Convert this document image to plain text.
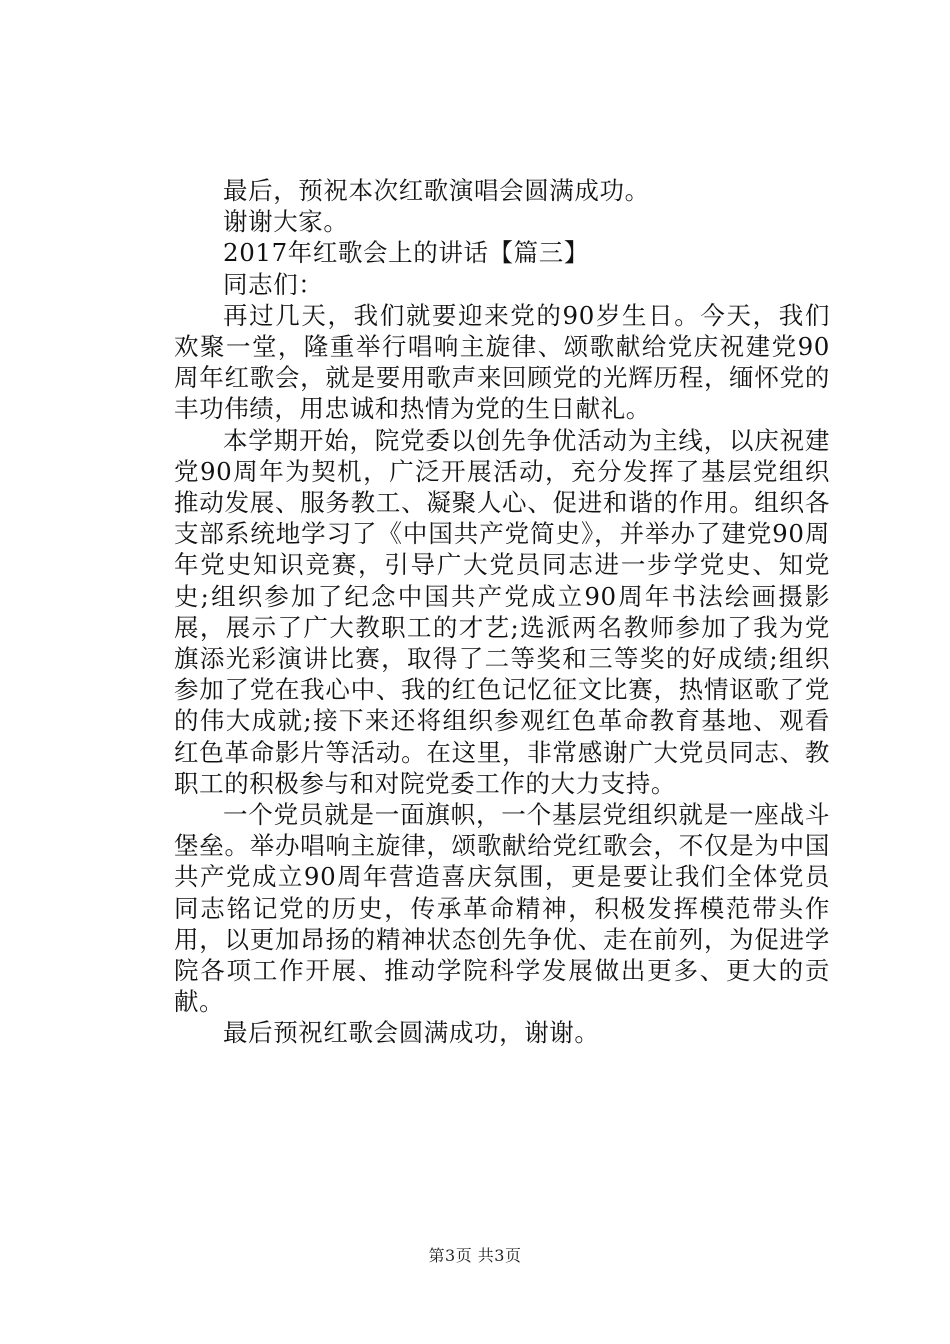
最后，预祝本次红歌演唱会圆满成功。

谢谢大家。

2017年红歌会上的讲话【篇三】

同志们：

再过几天，我们就要迎来党的90岁生日。今天，我们欢聚一堂，隆重举行唱响主旋律、颂歌献给党庆祝建党90周年红歌会，就是要用歌声来回顾党的光辉历程，缅怀党的丰功伟绩，用忠诚和热情为党的生日献礼。

本学期开始，院党委以创先争优活动为主线，以庆祝建党90周年为契机，广泛开展活动，充分发挥了基层党组织推动发展、服务教工、凝聚人心、促进和谐的作用。组织各支部系统地学习了《中国共产党简史》，并举办了建党90周年党史知识竞赛，引导广大党员同志进一步学党史、知党史;组织参加了纪念中国共产党成立90周年书法绘画摄影展，展示了广大教职工的才艺;选派两名教师参加了我为党旗添光彩演讲比赛，取得了二等奖和三等奖的好成绩;组织参加了党在我心中、我的红色记忆征文比赛，热情讴歌了党的伟大成就;接下来还将组织参观红色革命教育基地、观看红色革命影片等活动。在这里，非常感谢广大党员同志、教职工的积极参与和对院党委工作的大力支持。

一个党员就是一面旗帜，一个基层党组织就是一座战斗堡垒。举办唱响主旋律，颂歌献给党红歌会，不仅是为中国共产党成立90周年营造喜庆氛围，更是要让我们全体党员同志铭记党的历史，传承革命精神，积极发挥模范带头作用，以更加昂扬的精神状态创先争优、走在前列，为促进学院各项工作开展、推动学院科学发展做出更多、更大的贡献。

最后预祝红歌会圆满成功，谢谢。

第3页 共3页
